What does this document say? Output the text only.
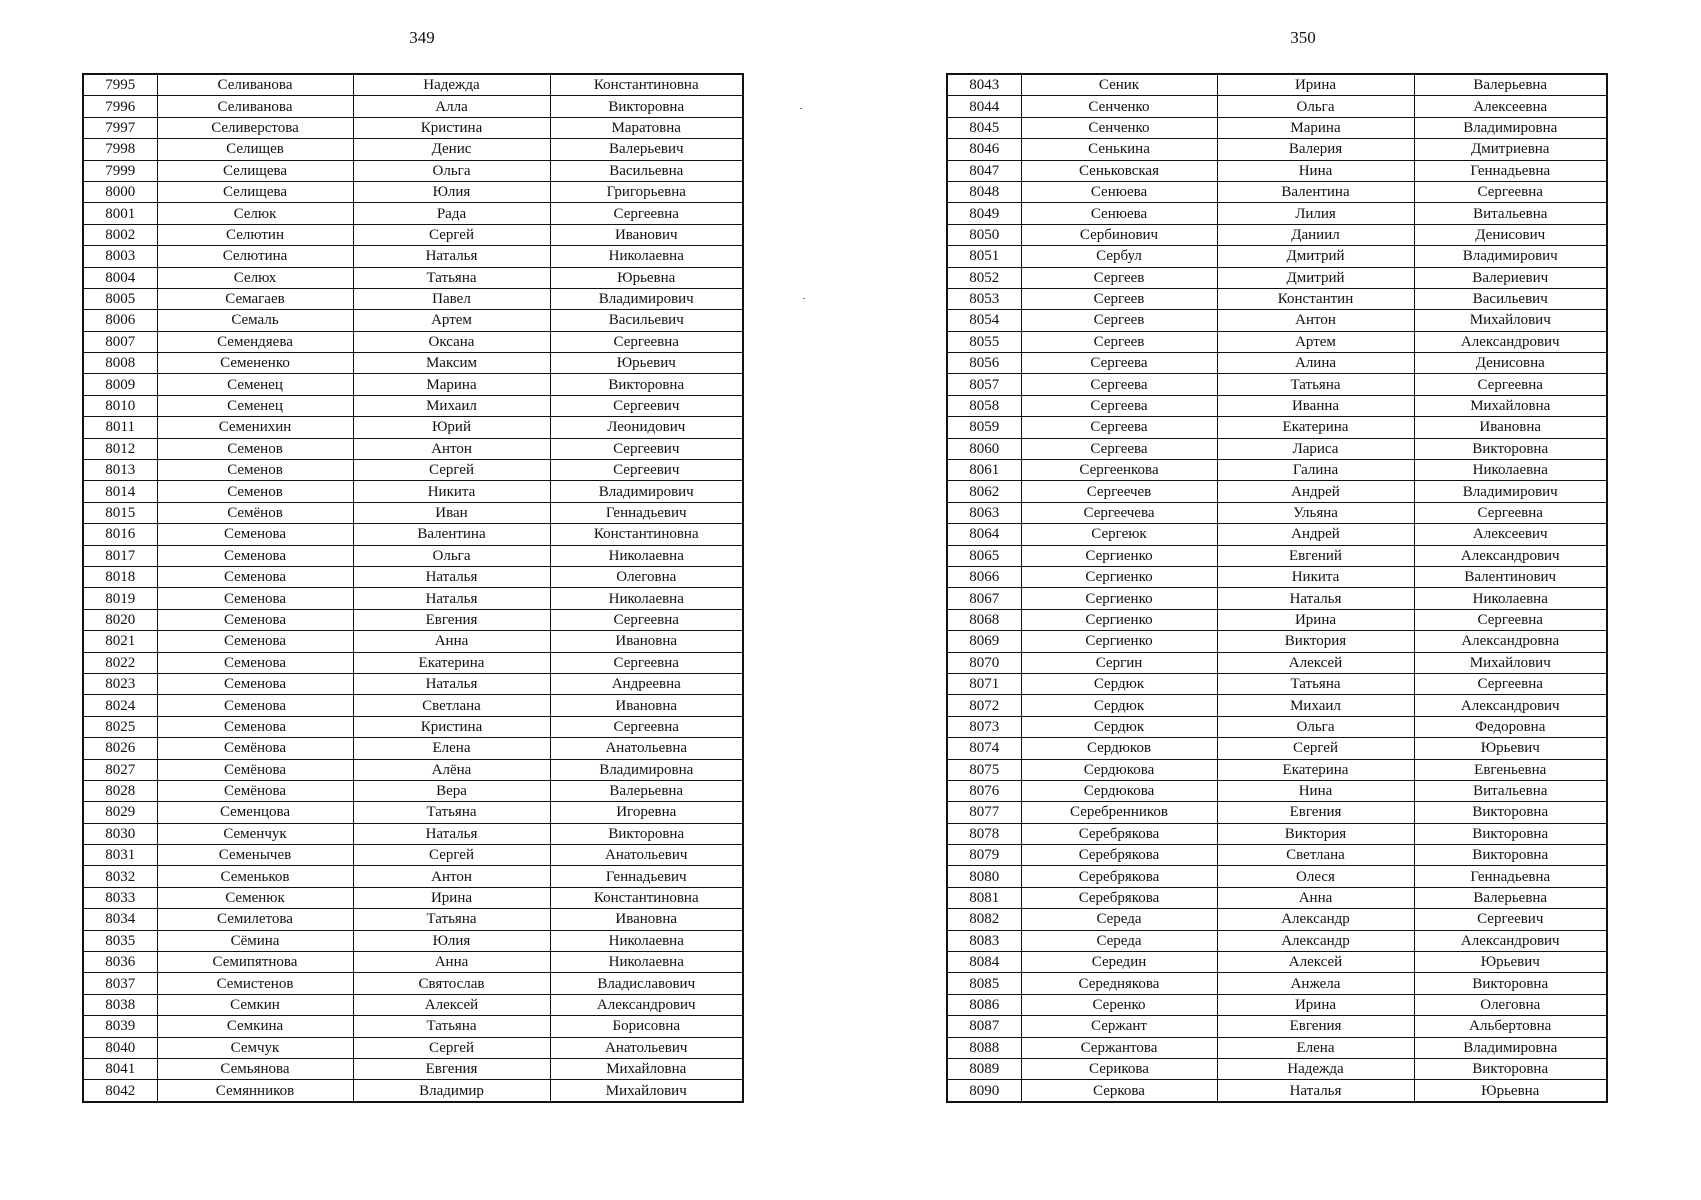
349
7995	Селиванова	Надежда	Константиновна
7996	Селиванова	Алла	Викторовна
7997	Селиверстова	Кристина	Маратовна
7998	Селищев	Денис	Валерьевич
7999	Селищева	Ольга	Васильевна
8000	Селищева	Юлия	Григорьевна
8001	Селюк	Рада	Сергеевна
8002	Селютин	Сергей	Иванович
8003	Селютина	Наталья	Николаевна
8004	Селюх	Татьяна	Юрьевна
8005	Семагаев	Павел	Владимирович
8006	Семаль	Артем	Васильевич
8007	Семендяева	Оксана	Сергеевна
8008	Семененко	Максим	Юрьевич
8009	Семенец	Марина	Викторовна
8010	Семенец	Михаил	Сергеевич
8011	Семенихин	Юрий	Леонидович
8012	Семенов	Антон	Сергеевич
8013	Семенов	Сергей	Сергеевич
8014	Семенов	Никита	Владимирович
8015	Семёнов	Иван	Геннадьевич
8016	Семенова	Валентина	Константиновна
8017	Семенова	Ольга	Николаевна
8018	Семенова	Наталья	Олеговна
8019	Семенова	Наталья	Николаевна
8020	Семенова	Евгения	Сергеевна
8021	Семенова	Анна	Ивановна
8022	Семенова	Екатерина	Сергеевна
8023	Семенова	Наталья	Андреевна
8024	Семенова	Светлана	Ивановна
8025	Семенова	Кристина	Сергеевна
8026	Семёнова	Елена	Анатольевна
8027	Семёнова	Алёна	Владимировна
8028	Семёнова	Вера	Валерьевна
8029	Семенцова	Татьяна	Игоревна
8030	Семенчук	Наталья	Викторовна
8031	Семенычев	Сергей	Анатольевич
8032	Семеньков	Антон	Геннадьевич
8033	Семенюк	Ирина	Константиновна
8034	Семилетова	Татьяна	Ивановна
8035	Сёмина	Юлия	Николаевна
8036	Семипятнова	Анна	Николаевна
8037	Семистенов	Святослав	Владиславович
8038	Семкин	Алексей	Александрович
8039	Семкина	Татьяна	Борисовна
8040	Семчук	Сергей	Анатольевич
8041	Семьянова	Евгения	Михайловна
8042	Семянников	Владимир	Михайлович
350
8043	Сеник	Ирина	Валерьевна
8044	Сенченко	Ольга	Алексеевна
8045	Сенченко	Марина	Владимировна
8046	Сенькина	Валерия	Дмитриевна
8047	Сеньковская	Нина	Геннадьевна
8048	Сенюева	Валентина	Сергеевна
8049	Сенюева	Лилия	Витальевна
8050	Сербинович	Даниил	Денисович
8051	Сербул	Дмитрий	Владимирович
8052	Сергеев	Дмитрий	Валериевич
8053	Сергеев	Константин	Васильевич
8054	Сергеев	Антон	Михайлович
8055	Сергеев	Артем	Александрович
8056	Сергеева	Алина	Денисовна
8057	Сергеева	Татьяна	Сергеевна
8058	Сергеева	Иванна	Михайловна
8059	Сергеева	Екатерина	Ивановна
8060	Сергеева	Лариса	Викторовна
8061	Сергеенкова	Галина	Николаевна
8062	Сергеечев	Андрей	Владимирович
8063	Сергеечева	Ульяна	Сергеевна
8064	Сергеюк	Андрей	Алексеевич
8065	Сергиенко	Евгений	Александрович
8066	Сергиенко	Никита	Валентинович
8067	Сергиенко	Наталья	Николаевна
8068	Сергиенко	Ирина	Сергеевна
8069	Сергиенко	Виктория	Александровна
8070	Сергин	Алексей	Михайлович
8071	Сердюк	Татьяна	Сергеевна
8072	Сердюк	Михаил	Александрович
8073	Сердюк	Ольга	Федоровна
8074	Сердюков	Сергей	Юрьевич
8075	Сердюкова	Екатерина	Евгеньевна
8076	Сердюкова	Нина	Витальевна
8077	Серебренников	Евгения	Викторовна
8078	Серебрякова	Виктория	Викторовна
8079	Серебрякова	Светлана	Викторовна
8080	Серебрякова	Олеся	Геннадьевна
8081	Серебрякова	Анна	Валерьевна
8082	Середа	Александр	Сергеевич
8083	Середа	Александр	Александрович
8084	Середин	Алексей	Юрьевич
8085	Середнякова	Анжела	Викторовна
8086	Серенко	Ирина	Олеговна
8087	Сержант	Евгения	Альбертовна
8088	Сержантова	Елена	Владимировна
8089	Серикова	Надежда	Викторовна
8090	Серкова	Наталья	Юрьевна
